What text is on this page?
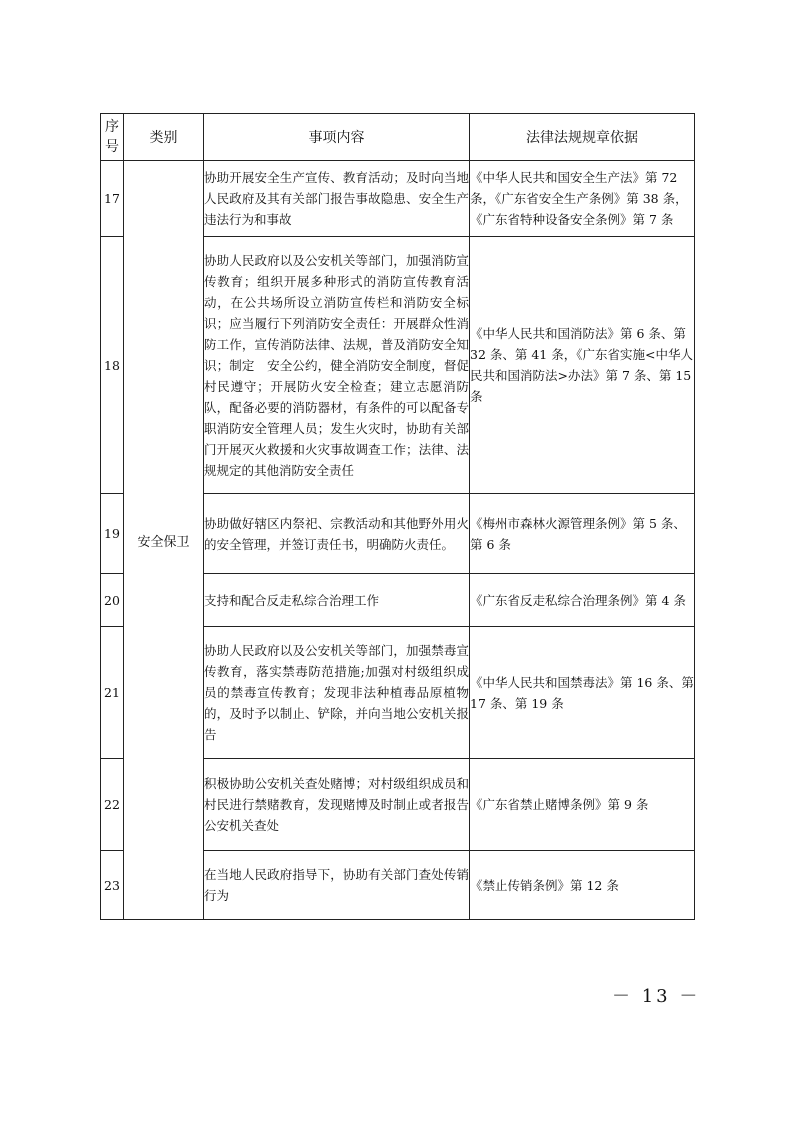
序号	类别	事项内容	法律法规规章依据
17	安全保卫	协助开展安全生产宣传、教育活动；及时向当地人民政府及其有关部门报告事故隐患、安全生产违法行为和事故	《中华人民共和国安全生产法》第 72 条，《广东省安全生产条例》第 38 条，《广东省特种设备安全条例》第 7 条
18		协助人民政府以及公安机关等部门，加强消防宣传教育；组织开展多种形式的消防宣传教育活动，在公共场所设立消防宣传栏和消防安全标识；应当履行下列消防安全责任：开展群众性消防工作，宣传消防法律、法规，普及消防安全知识；制定　安全公约，健全消防安全制度，督促村民遵守；开展防火安全检查；建立志愿消防队，配备必要的消防器材，有条件的可以配备专职消防安全管理人员；发生火灾时，协助有关部门开展灭火救援和火灾事故调查工作；法律、法规规定的其他消防安全责任	《中华人民共和国消防法》第 6 条、第 32 条、第 41 条，《广东省实施<中华人民共和国消防法>办法》第 7 条、第 15 条
19		协助做好辖区内祭祀、宗教活动和其他野外用火的安全管理，并签订责任书，明确防火责任。	《梅州市森林火源管理条例》第 5 条、第 6 条
20		支持和配合反走私综合治理工作	《广东省反走私综合治理条例》第 4 条
21		协助人民政府以及公安机关等部门，加强禁毒宣传教育，落实禁毒防范措施;加强对村级组织成员的禁毒宣传教育；发现非法种植毒品原植物的，及时予以制止、铲除，并向当地公安机关报告	《中华人民共和国禁毒法》第 16 条、第 17 条、第 19 条
22		积极协助公安机关查处赌博；对村级组织成员和村民进行禁赌教育，发现赌博及时制止或者报告公安机关查处	《广东省禁止赌博条例》第 9 条
23		在当地人民政府指导下，协助有关部门查处传销行为	《禁止传销条例》第 12 条
－ 13 －
